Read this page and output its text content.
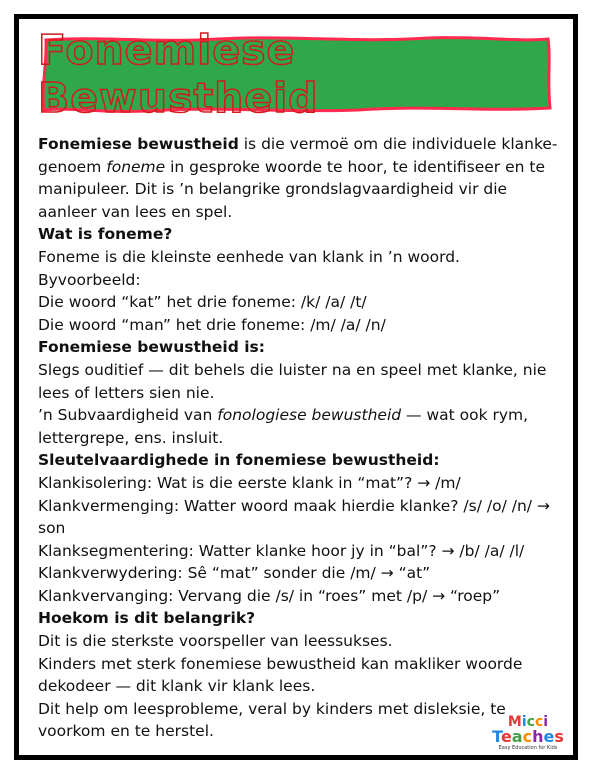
Fonemiese Bewustheid

Fonemiese bewustheid is die vermoë om die individuele klanke-genoem foneme in gesproke woorde te hoor, te identifiseer en te manipuleer. Dit is ’n belangrike grondslagvaardigheid vir die aanleer van lees en spel.

Wat is foneme?

Foneme is die kleinste eenhede van klank in ’n woord.

Byvoorbeeld:

Die woord “kat” het drie foneme: /k/ /a/ /t/

Die woord “man” het drie foneme: /m/ /a/ /n/

Fonemiese bewustheid is:

Slegs ouditief — dit behels die luister na en speel met klanke, nie lees of letters sien nie.

’n Subvaardigheid van fonologiese bewustheid — wat ook rym, lettergrepe, ens. insluit.

Sleutelvaardighede in fonemiese bewustheid:

Klankisolering: Wat is die eerste klank in “mat”? → /m/

Klankvermenging: Watter woord maak hierdie klanke? /s/ /o/ /n/ → son

Klanksegmentering: Watter klanke hoor jy in “bal”? → /b/ /a/ /l/

Klankverwydering: Sê “mat” sonder die /m/ → “at”

Klankvervanging: Vervang die /s/ in “roes” met /p/ → “roep”

Hoekom is dit belangrik?

Dit is die sterkste voorspeller van leessukses.

Kinders met sterk fonemiese bewustheid kan makliker woorde dekodeer — dit klank vir klank lees.

Dit help om leesprobleme, veral by kinders met disleksie, te voorkom en te herstel.

Micci
Teaches
Easy Education for Kids
